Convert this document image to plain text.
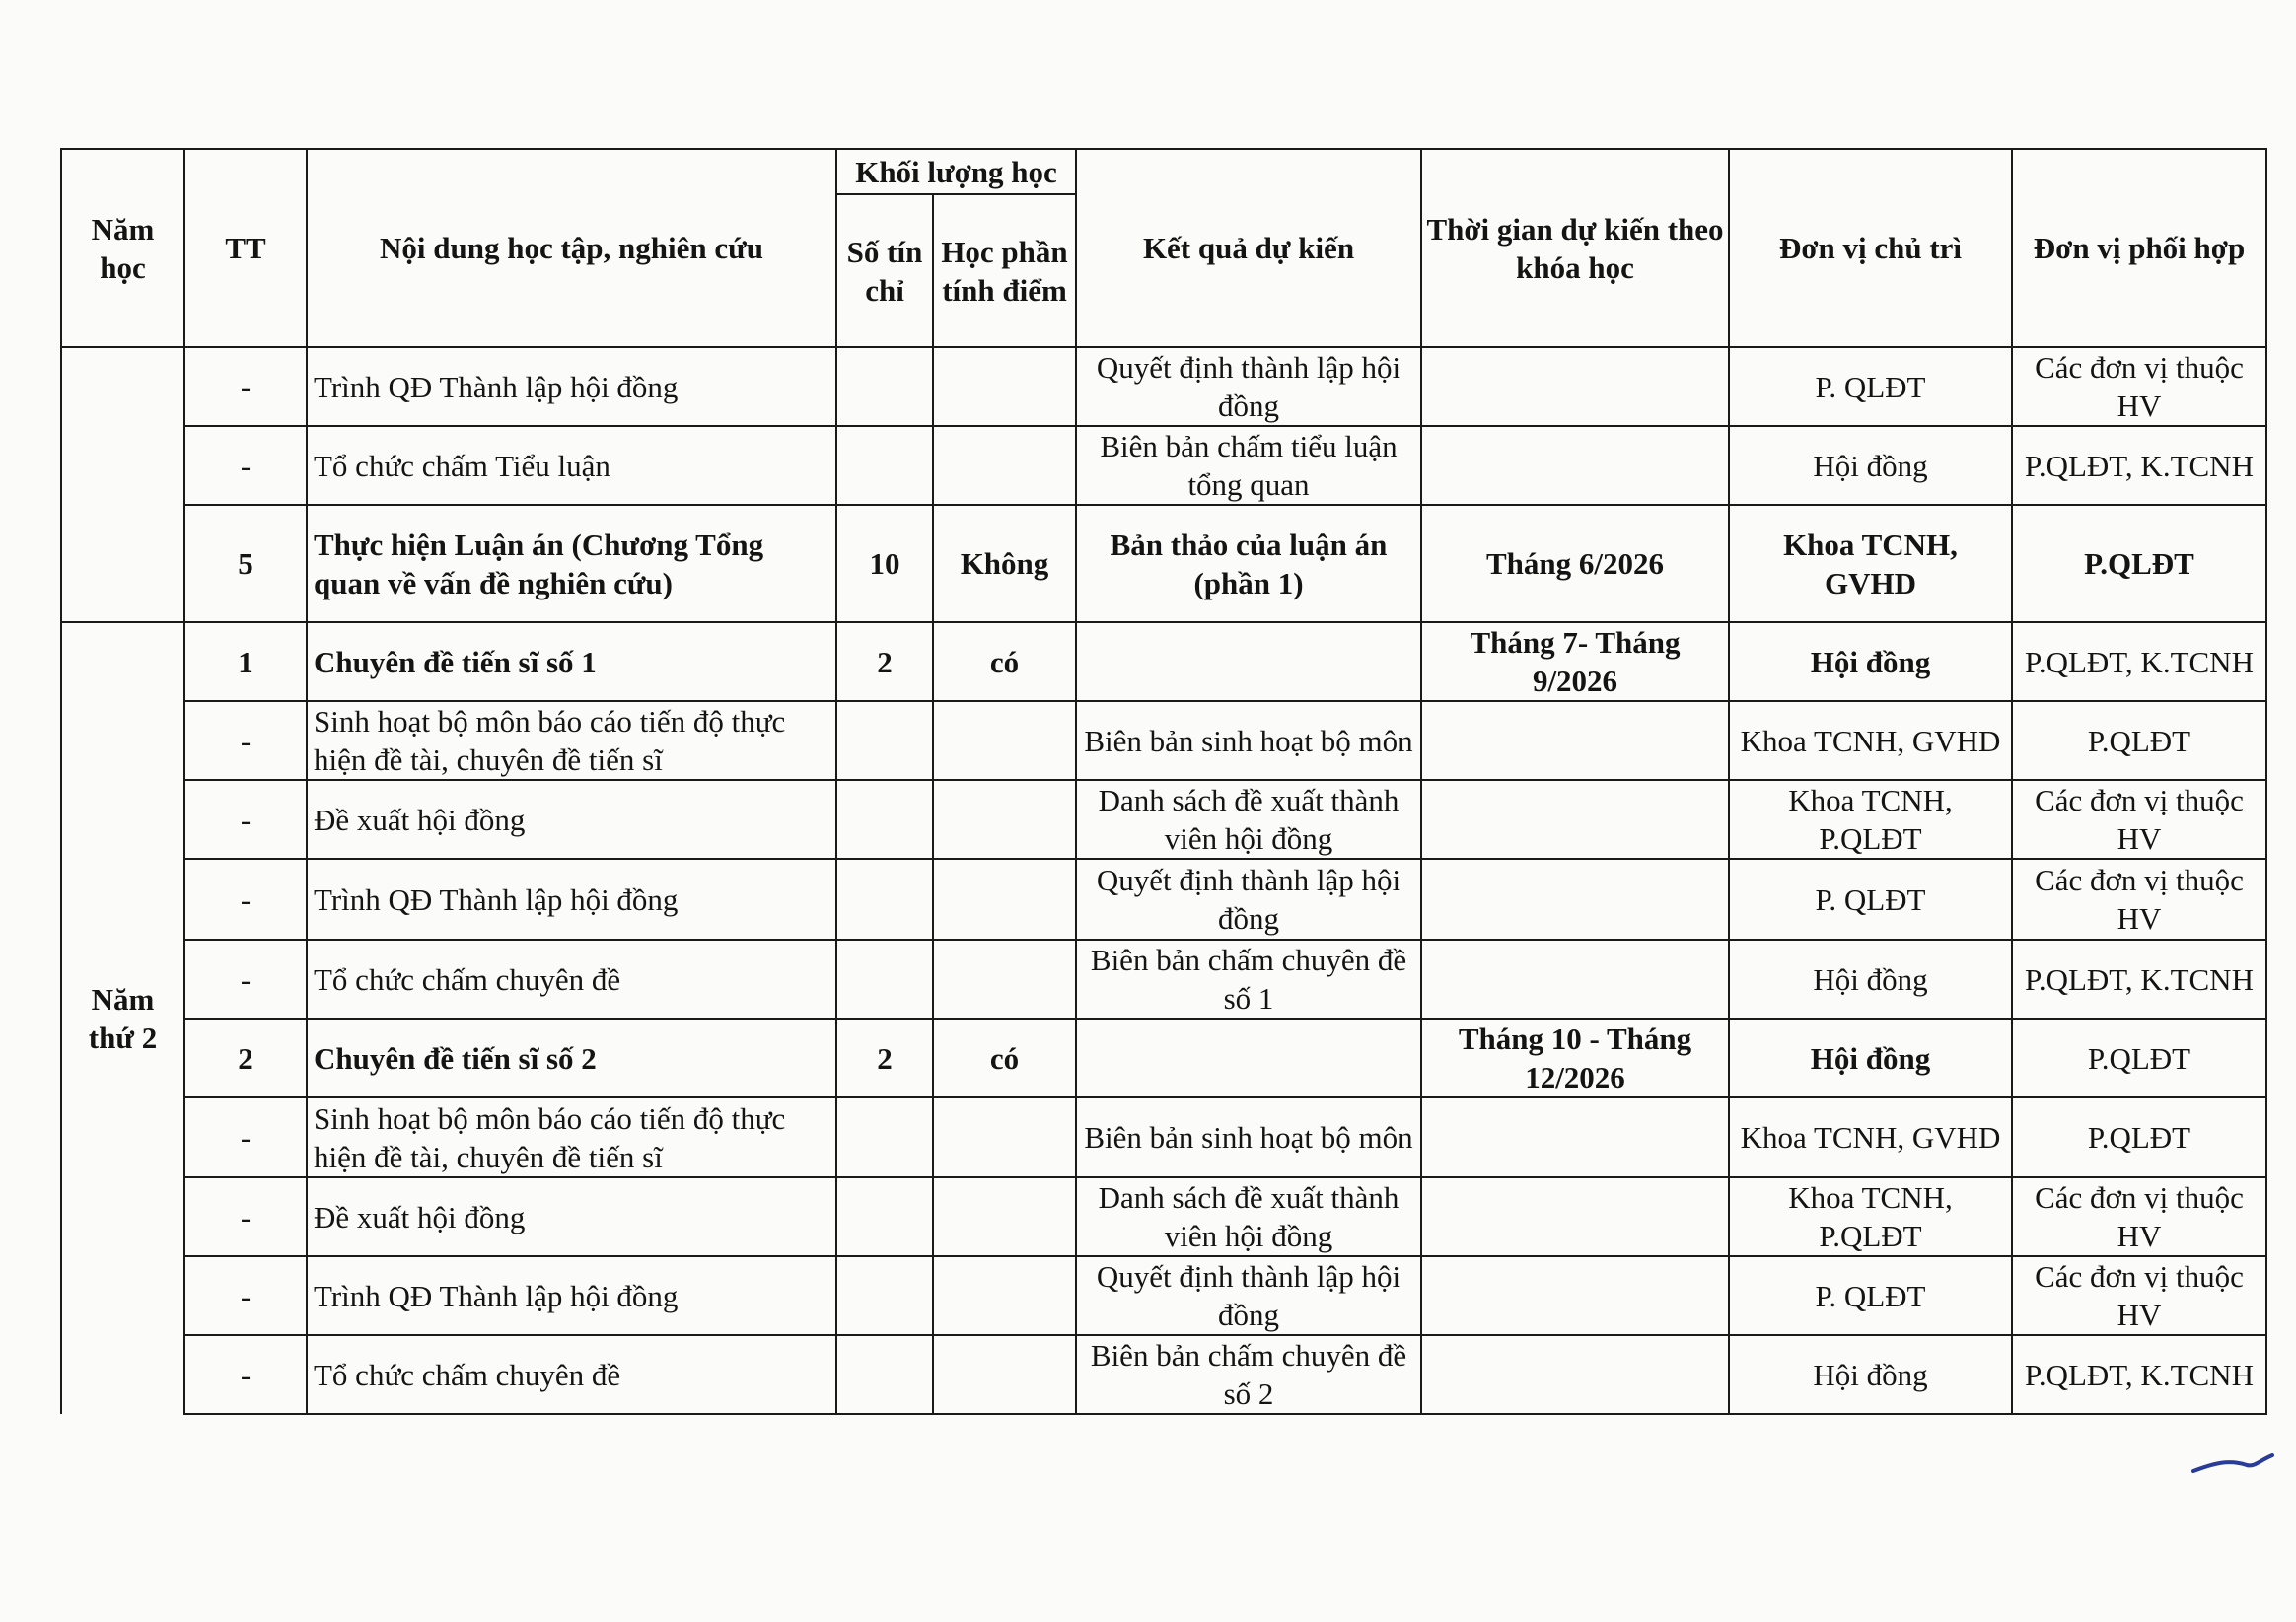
Năm học	TT	Nội dung học tập, nghiên cứu	Khối lượng học		Kết quả dự kiến	Thời gian dự kiến theo khóa học	Đơn vị chủ trì	Đơn vị phối hợp
			Số tín chỉ	Học phần tính điểm				
	-	Trình QĐ Thành lập hội đồng			Quyết định thành lập hội đồng		P. QLĐT	Các đơn vị thuộc HV
	-	Tổ chức chấm Tiểu luận			Biên bản chấm tiểu luận tổng quan		Hội đồng	P.QLĐT, K.TCNH
	5	Thực hiện Luận án (Chương Tổng quan về vấn đề nghiên cứu)	10	Không	Bản thảo của luận án (phần 1)	Tháng 6/2026	Khoa TCNH, GVHD	P.QLĐT
Năm thứ 2	1	Chuyên đề tiến sĩ số 1	2	có		Tháng 7- Tháng 9/2026	Hội đồng	P.QLĐT, K.TCNH
	-	Sinh hoạt bộ môn báo cáo tiến độ thực hiện đề tài, chuyên đề tiến sĩ			Biên bản sinh hoạt bộ môn		Khoa TCNH, GVHD	P.QLĐT
	-	Đề xuất hội đồng			Danh sách đề xuất thành viên hội đồng		Khoa TCNH, P.QLĐT	Các đơn vị thuộc HV
	-	Trình QĐ Thành lập hội đồng			Quyết định thành lập hội đồng		P. QLĐT	Các đơn vị thuộc HV
	-	Tổ chức chấm chuyên đề			Biên bản chấm chuyên đề số 1		Hội đồng	P.QLĐT, K.TCNH
	2	Chuyên đề tiến sĩ số 2	2	có		Tháng 10 - Tháng 12/2026	Hội đồng	P.QLĐT
	-	Sinh hoạt bộ môn báo cáo tiến độ thực hiện đề tài, chuyên đề tiến sĩ			Biên bản sinh hoạt bộ môn		Khoa TCNH, GVHD	P.QLĐT
	-	Đề xuất hội đồng			Danh sách đề xuất thành viên hội đồng		Khoa TCNH, P.QLĐT	Các đơn vị thuộc HV
	-	Trình QĐ Thành lập hội đồng			Quyết định thành lập hội đồng		P. QLĐT	Các đơn vị thuộc HV
	-	Tổ chức chấm chuyên đề			Biên bản chấm chuyên đề số 2		Hội đồng	P.QLĐT, K.TCNH
